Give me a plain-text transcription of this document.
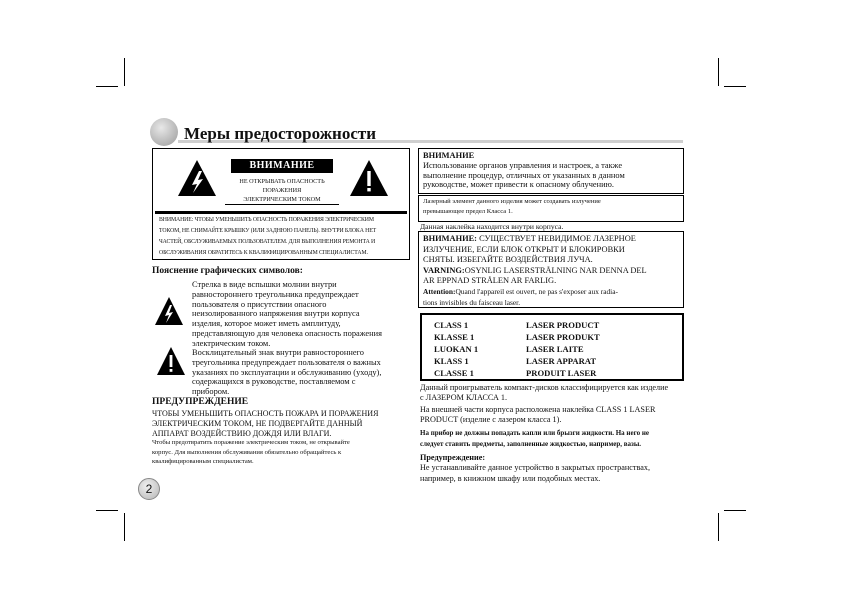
Меры предосторожности
ВНИМАНИЕ
НЕ ОТКРЫВАТЬ ОПАСНОСТЬ
ПОРАЖЕНИЯ
ЭЛЕКТРИЧЕСКИМ ТОКОМ
ВНИМАНИЕ: ЧТОБЫ УМЕНЬШИТЬ ОПАСНОСТЬ ПОРАЖЕНИЯ ЭЛЕКТРИЧЕСКИМ
ТОКОМ, НЕ СНИМАЙТЕ КРЫШКУ (ИЛИ ЗАДНЮЮ ПАНЕЛЬ). ВНУТРИ БЛОКА НЕТ
ЧАСТЕЙ, ОБСЛУЖИВАЕМЫХ ПОЛЬЗОВАТЕЛЕМ. ДЛЯ ВЫПОЛНЕНИЯ РЕМОНТА И
ОБСЛУЖИВАНИЯ ОБРАТИТЕСЬ К КВАЛИФИЦИРОВАННЫМ СПЕЦИАЛИСТАМ.
Пояснение графических символов:
Стрелка в виде вспышки молнии внутри
равностороннего треугольника предупреждает
пользователя о присутствии опасного
неизолированного напряжения внутри корпуса
изделия, которое может иметь амплитуду,
представляющую для человека опасность поражения
электрическим током.
Восклицательный знак внутри равностороннего
треугольника предупреждает пользователя о важных
указаниях по эксплуатации и обслуживанию (уходу),
содержащихся в руководстве, поставляемом с
прибором.
ПРЕДУПРЕЖДЕНИЕ
ЧТОБЫ УМЕНЬШИТЬ ОПАСНОСТЬ ПОЖАРА И ПОРАЖЕНИЯ
ЭЛЕКТРИЧЕСКИМ ТОКОМ, НЕ ПОДВЕРГАЙТЕ ДАННЫЙ
АППАРАТ ВОЗДЕЙСТВИЮ ДОЖДЯ ИЛИ ВЛАГИ.
Чтобы предотвратить поражение электрическим током, не открывайте
корпус. Для выполнения обслуживания обязательно обращайтесь к
квалифицированным специалистам.
2
ВНИМАНИЕ
Использование органов управления и настроек, а также
выполнение процедур, отличных от указанных в данном
руководстве, может привести к опасному облучению.
Лазерный элемент данного изделия может создавать излучение
превышающее предел Класса 1.
Данная наклейка находится внутри корпуса.
ВНИМАНИЕ: СУЩЕСТВУЕТ НЕВИДИМОЕ ЛАЗЕРНОЕ
ИЗЛУЧЕНИЕ, ЕСЛИ БЛОК ОТКРЫТ И БЛОКИРОВКИ
СНЯТЫ. ИЗБЕГАЙТЕ ВОЗДЕЙСТВИЯ ЛУЧА.
VARNING:OSYNLIG LASERSTRÅLNING NAR DENNA DEL
AR EPPNAD STRÅLEN AR FARLIG.
Attention:Quand l'appareil est ouvert, ne pas s'exposer aux radia-
tions invisibles du faisceau laser.
CLASS 1	LASER PRODUCT
KLASSE 1	LASER PRODUKT
LUOKAN 1	LASER LAITE
KLASS 1	LASER APPARAT
CLASSE 1	PRODUIT LASER
Данный проигрыватель компакт-дисков классифицируется как изделие
с ЛАЗЕРОМ КЛАССА 1.
На внешней части корпуса расположена наклейка CLASS 1 LASER
PRODUCT (изделие с лазером класса 1).
На прибор не должны попадать капли или брызги жидкости. На него не
следует ставить предметы, заполненные жидкостью, например, вазы.
Предупреждение:
Не устанавливайте данное устройство в закрытых пространствах,
например, в книжном шкафу или подобных местах.
